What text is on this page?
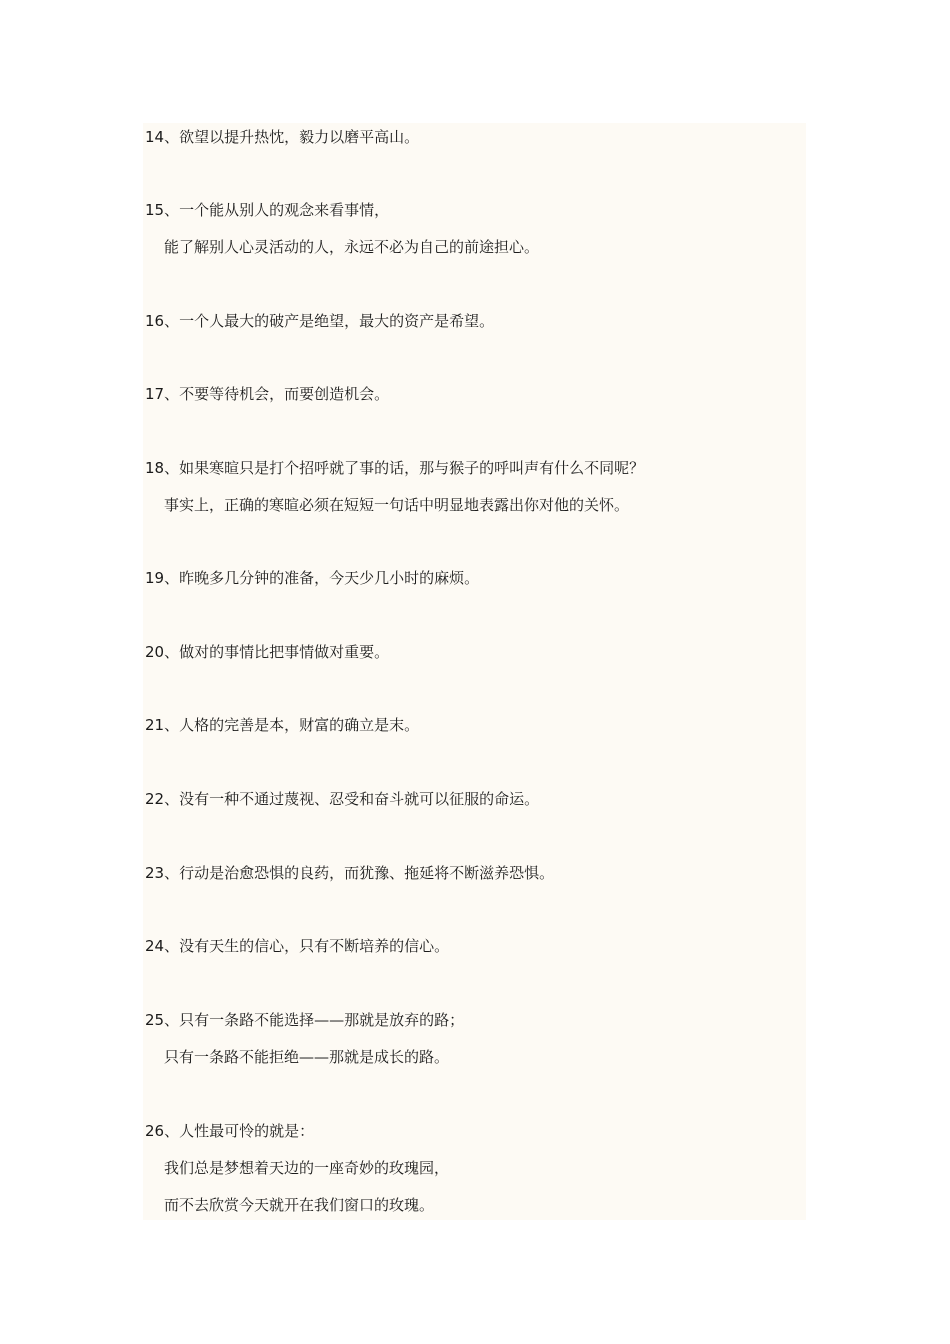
14、欲望以提升热忱，毅力以磨平高山。
15、一个能从别人的观念来看事情，
能了解别人心灵活动的人，永远不必为自己的前途担心。
16、一个人最大的破产是绝望，最大的资产是希望。
17、不要等待机会，而要创造机会。
18、如果寒暄只是打个招呼就了事的话，那与猴子的呼叫声有什么不同呢？
事实上，正确的寒暄必须在短短一句话中明显地表露出你对他的关怀。
19、昨晚多几分钟的准备，今天少几小时的麻烦。
20、做对的事情比把事情做对重要。
21、人格的完善是本，财富的确立是末。
22、没有一种不通过蔑视、忍受和奋斗就可以征服的命运。
23、行动是治愈恐惧的良药，而犹豫、拖延将不断滋养恐惧。
24、没有天生的信心，只有不断培养的信心。
25、只有一条路不能选择——那就是放弃的路；
只有一条路不能拒绝——那就是成长的路。
26、人性最可怜的就是：
我们总是梦想着天边的一座奇妙的玫瑰园，
而不去欣赏今天就开在我们窗口的玫瑰。
